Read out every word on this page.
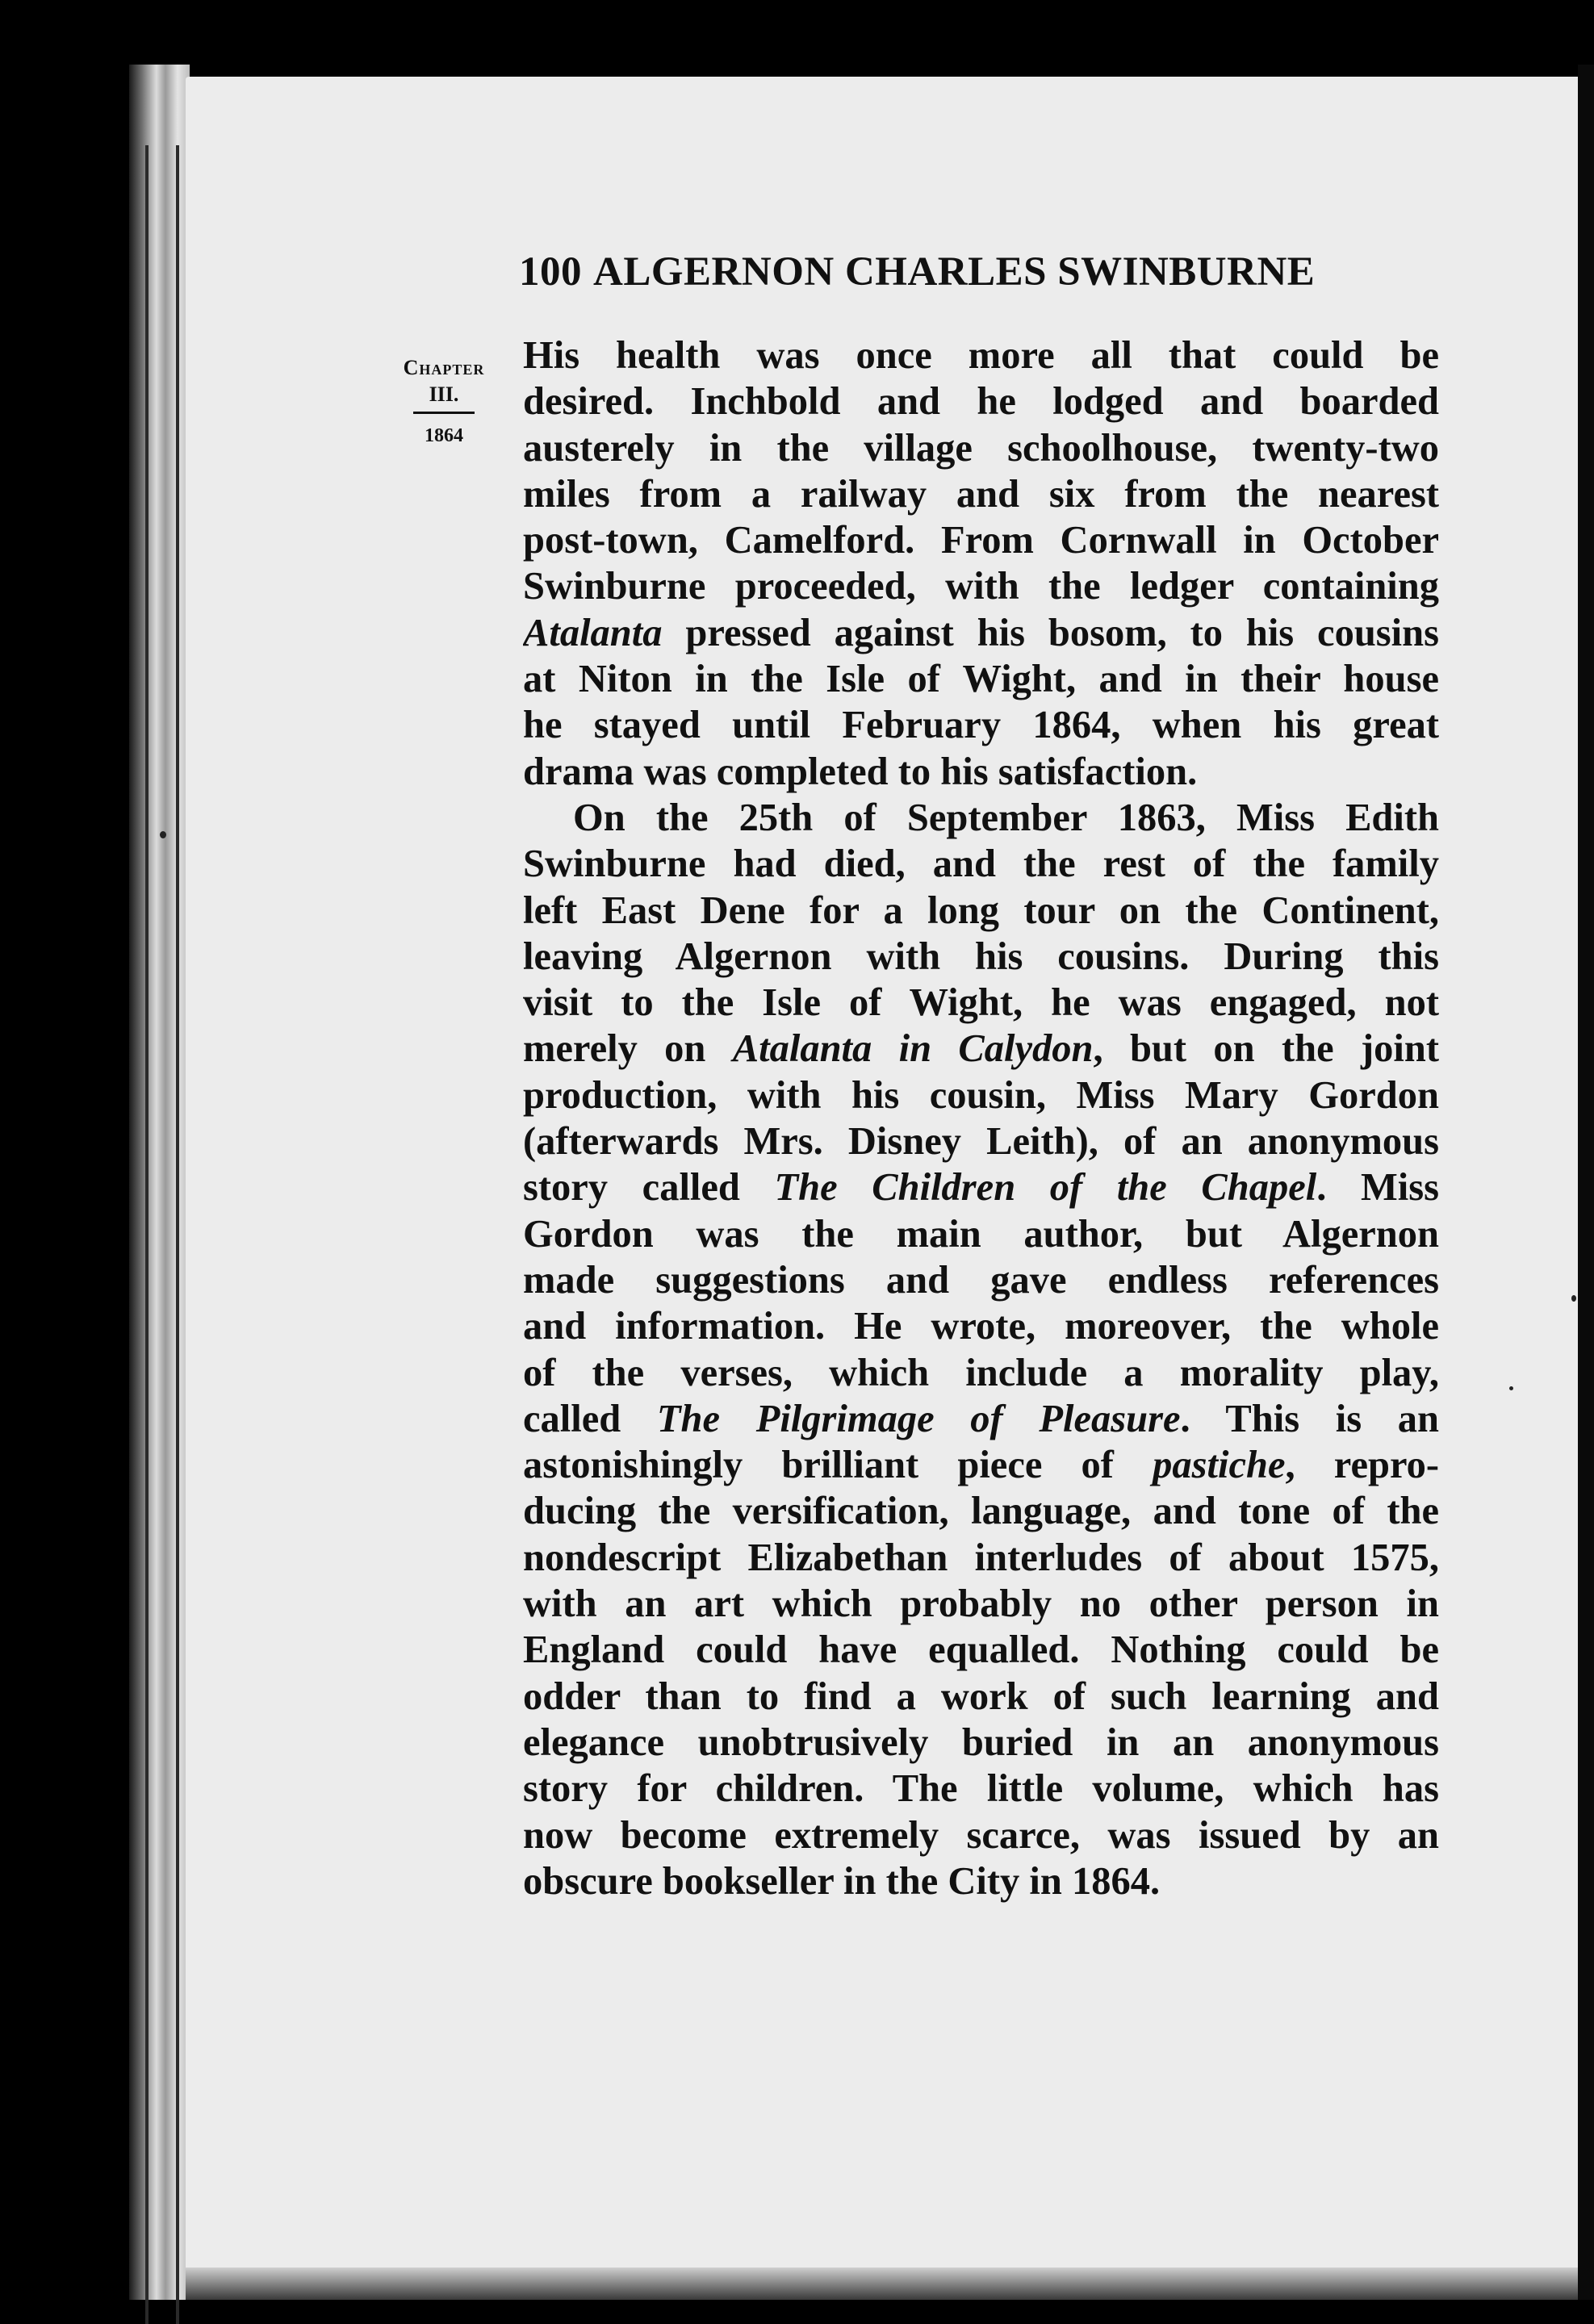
100 ALGERNON CHARLES SWINBURNE
Chapter
III.
1864
His health was once more all that could be
desired. Inchbold and he lodged and boarded
austerely in the village schoolhouse, twenty-two
miles from a railway and six from the nearest
post-town, Camelford. From Cornwall in October
Swinburne proceeded, with the ledger containing
Atalanta pressed against his bosom, to his cousins
at Niton in the Isle of Wight, and in their house
he stayed until February 1864, when his great
drama was completed to his satisfaction.
On the 25th of September 1863, Miss Edith
Swinburne had died, and the rest of the family
left East Dene for a long tour on the Continent,
leaving Algernon with his cousins. During this
visit to the Isle of Wight, he was engaged, not
merely on Atalanta in Calydon, but on the joint
production, with his cousin, Miss Mary Gordon
(afterwards Mrs. Disney Leith), of an anonymous
story called The Children of the Chapel. Miss
Gordon was the main author, but Algernon
made suggestions and gave endless references
and information. He wrote, moreover, the whole
of the verses, which include a morality play,
called The Pilgrimage of Pleasure. This is an
astonishingly brilliant piece of pastiche, repro-
ducing the versification, language, and tone of the
nondescript Elizabethan interludes of about 1575,
with an art which probably no other person in
England could have equalled. Nothing could be
odder than to find a work of such learning and
elegance unobtrusively buried in an anonymous
story for children. The little volume, which has
now become extremely scarce, was issued by an
obscure bookseller in the City in 1864.
